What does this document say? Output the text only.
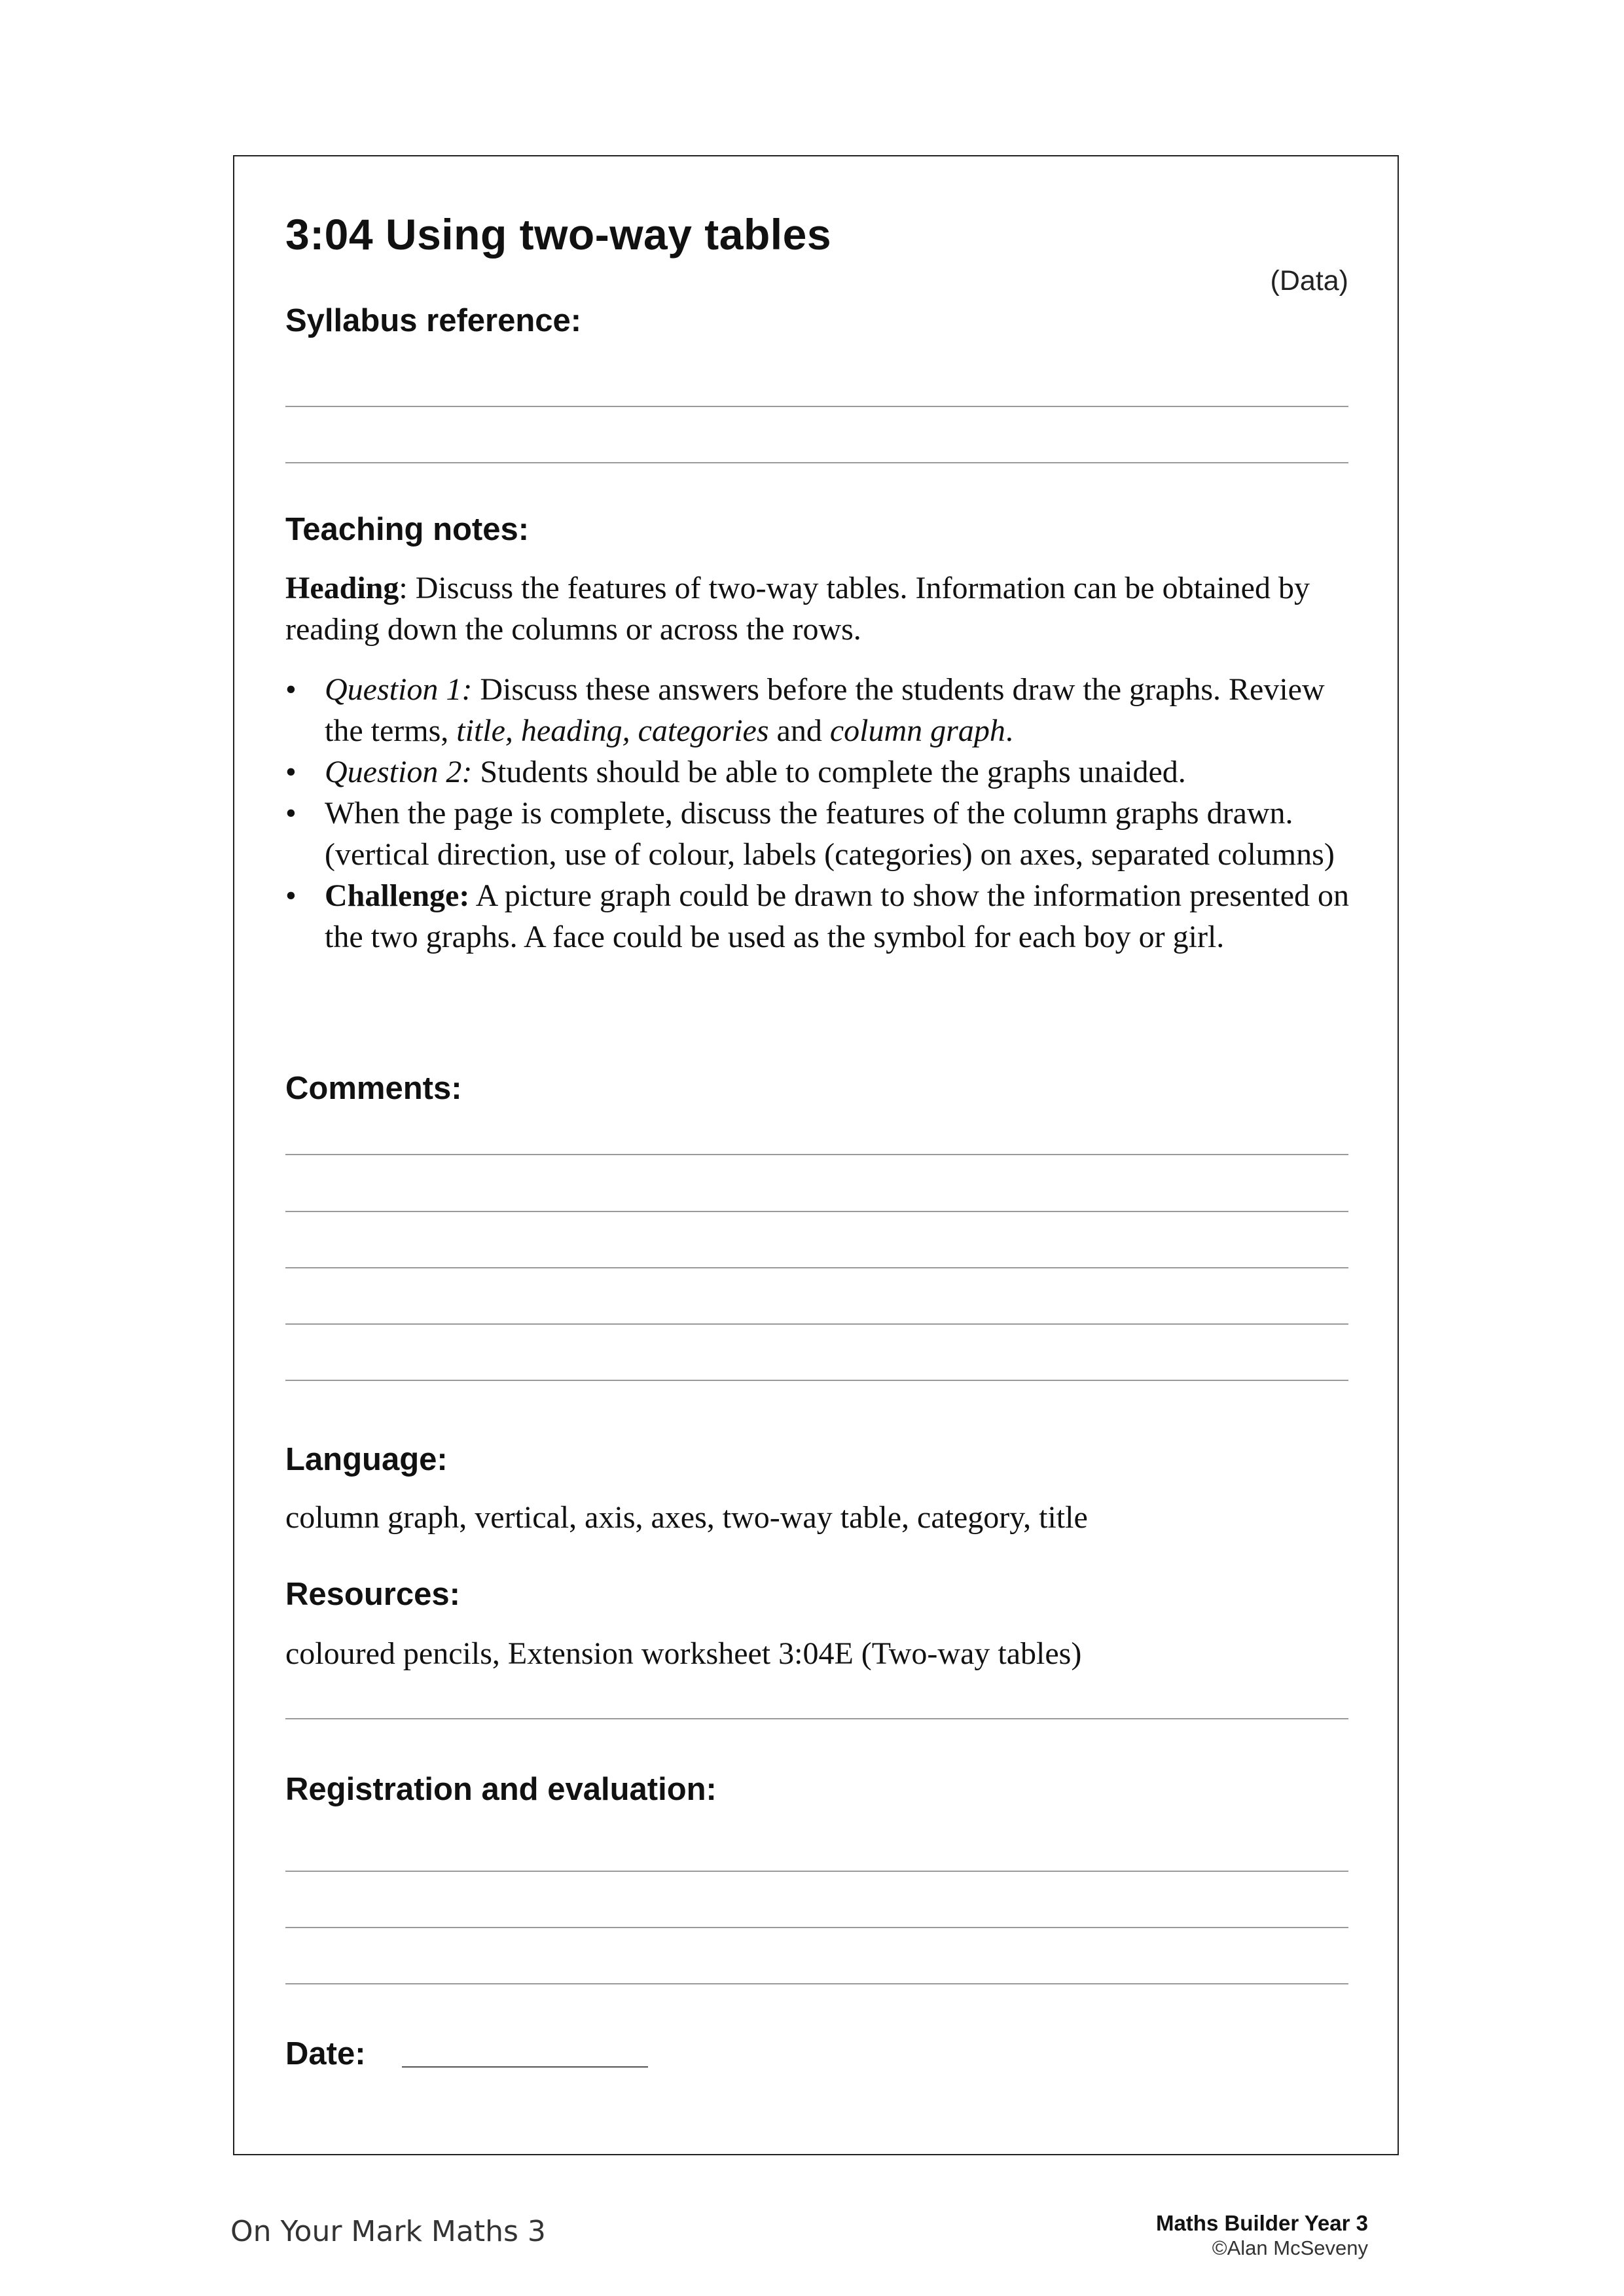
3:04 Using two-way tables
(Data)
Syllabus reference:
Teaching notes:
Heading: Discuss the features of two-way tables. Information can be obtained by reading down the columns or across the rows.
• Question 1: Discuss these answers before the students draw the graphs. Review the terms, title, heading, categories and column graph.
• Question 2: Students should be able to complete the graphs unaided.
• When the page is complete, discuss the features of the column graphs drawn. (vertical direction, use of colour, labels (categories) on axes, separated columns)
• Challenge: A picture graph could be drawn to show the information presented on the two graphs. A face could be used as the symbol for each boy or girl.
Comments:
Language:
column graph, vertical, axis, axes, two-way table, category, title
Resources:
coloured pencils, Extension worksheet 3:04E (Two-way tables)
Registration and evaluation:
Date:
On Your Mark Maths 3	Maths Builder Year 3
©Alan McSeveny
